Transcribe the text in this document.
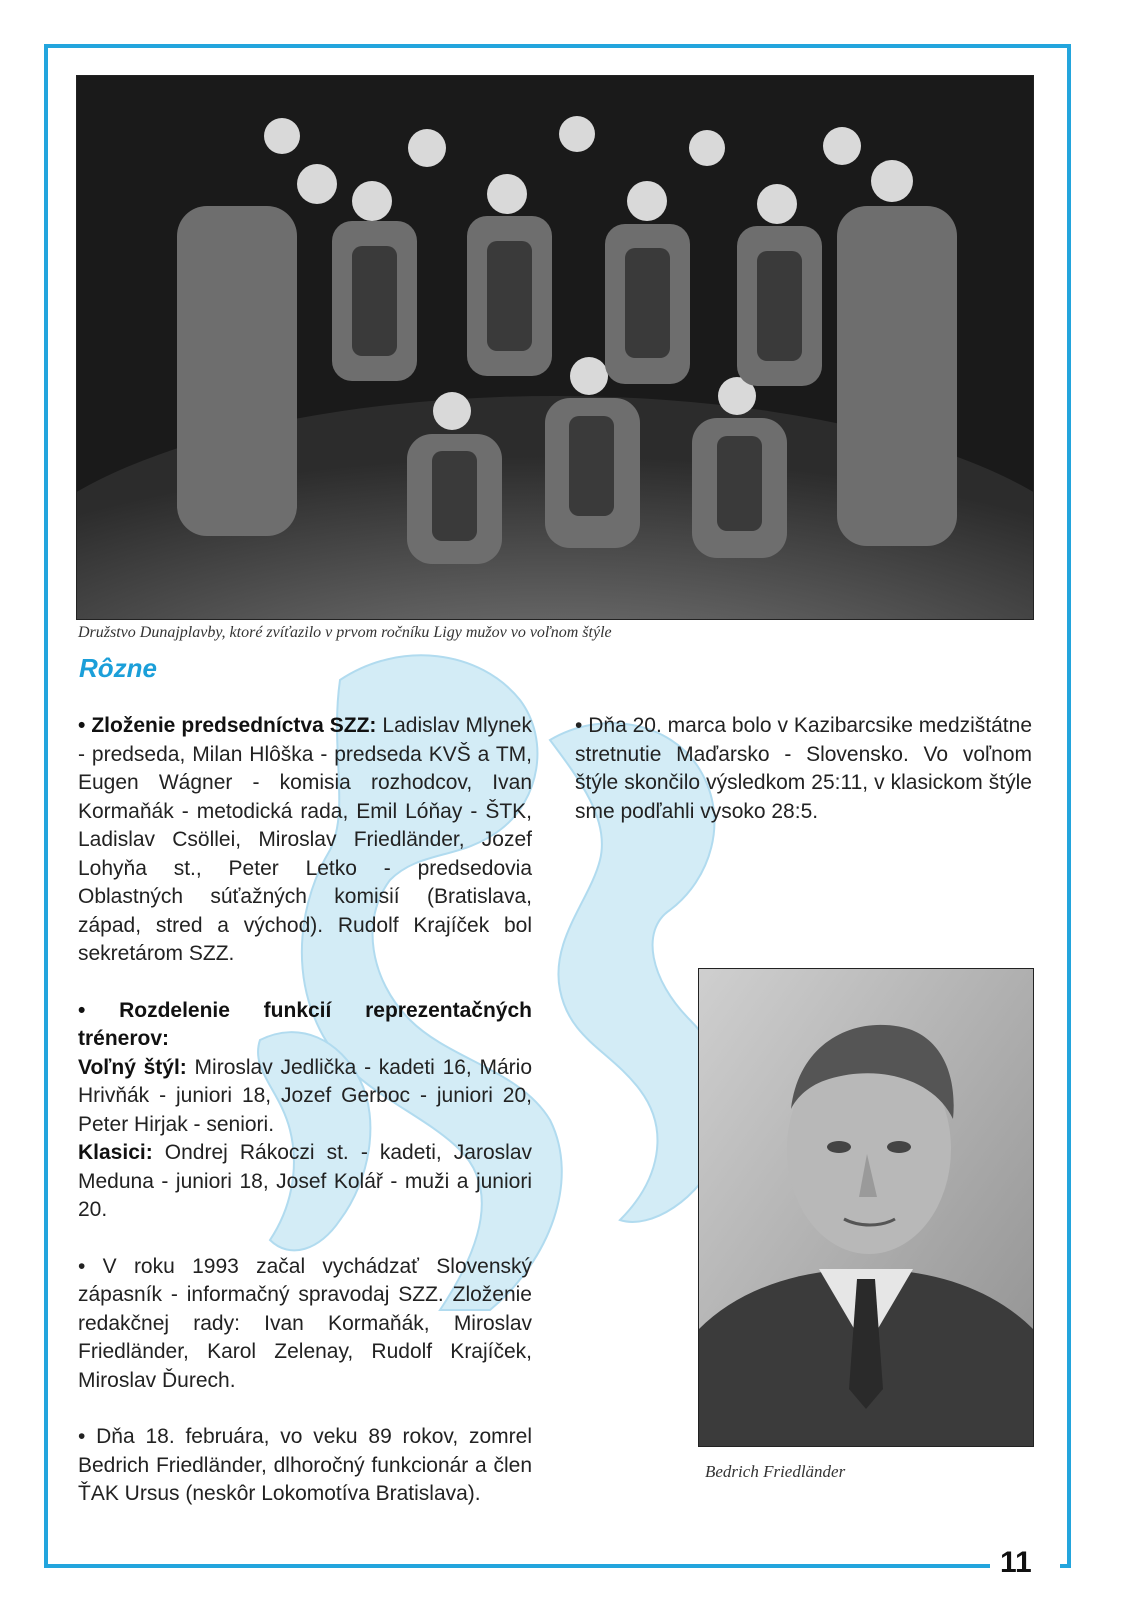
Družstvo Dunajplavby, ktoré zvíťazilo v prvom ročníku Ligy mužov vo voľnom štýle
Rôzne

• Zloženie predsedníctva SZZ: Ladislav Mlynek - predseda, Milan Hlôška - predseda KVŠ a TM, Eugen Wágner - komisia rozhodcov, Ivan Kormaňák - metodická rada, Emil Lóňay - ŠTK, Ladislav Csöllei, Miroslav Friedländer, Jozef Lohyňa st., Peter Letko - predsedovia Oblastných súťažných komisií (Bratislava, západ, stred a východ). Rudolf Krajíček bol sekretárom SZZ.

• Rozdelenie funkcií reprezentačných trénerov:
Voľný štýl: Miroslav Jedlička - kadeti 16, Mário Hrivňák - juniori 18, Jozef Gerboc - juniori 20, Peter Hirjak - seniori.
Klasici: Ondrej Rákoczi st. - kadeti, Jaroslav Meduna - juniori 18, Josef Kolář - muži a juniori 20.

• V roku 1993 začal vychádzať Slovenský zápasník - informačný spravodaj SZZ. Zloženie redakčnej rady: Ivan Kormaňák, Miroslav Friedländer, Karol Zelenay, Rudolf Krajíček, Miroslav Ďurech.

• Dňa 18. februára, vo veku 89 rokov, zomrel Bedrich Friedländer, dlhoročný funkcionár a člen ŤAK Ursus (neskôr Lokomotíva Bratislava).

• Dňa 20. marca bolo v Kazibarcsike medzištátne stretnutie Maďarsko - Slovensko. Vo voľnom štýle skončilo výsledkom 25:11, v klasickom štýle sme podľahli vysoko 28:5.

Bedrich Friedländer
11
